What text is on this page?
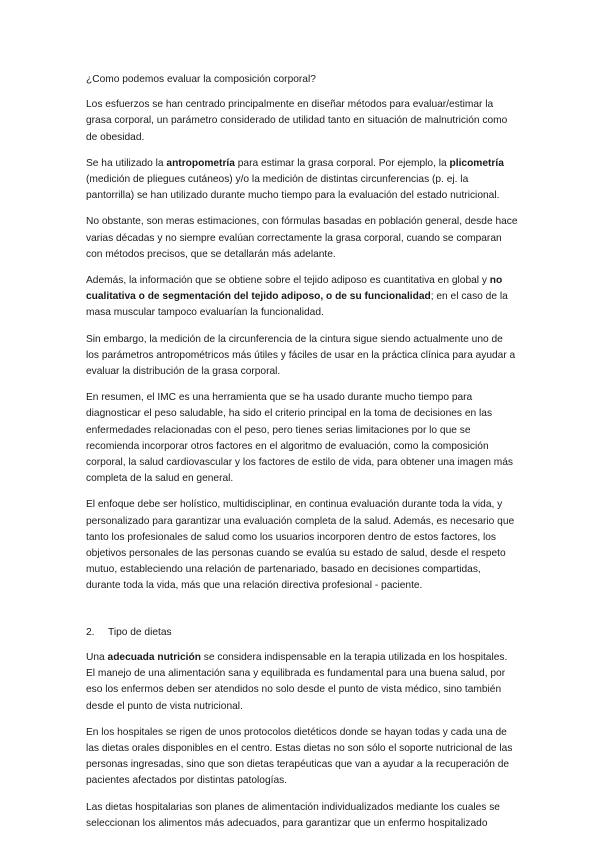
¿Como podemos evaluar la composición corporal?

Los esfuerzos se han centrado principalmente en diseñar métodos para evaluar/estimar la grasa corporal, un parámetro considerado de utilidad tanto en situación de malnutrición como de obesidad.

Se ha utilizado la antropometría para estimar la grasa corporal. Por ejemplo, la plicometría (medición de pliegues cutáneos) y/o la medición de distintas circunferencias (p. ej. la pantorrilla) se han utilizado durante mucho tiempo para la evaluación del estado nutricional.

No obstante, son meras estimaciones, con fórmulas basadas en población general, desde hace varias décadas y no siempre evalúan correctamente la grasa corporal, cuando se comparan con métodos precisos, que se detallarán más adelante.

Además, la información que se obtiene sobre el tejido adiposo es cuantitativa en global y no cualitativa o de segmentación del tejido adiposo, o de su funcionalidad; en el caso de la masa muscular tampoco evaluarían la funcionalidad.

Sin embargo, la medición de la circunferencia de la cintura sigue siendo actualmente uno de los parámetros antropométricos más útiles y fáciles de usar en la práctica clínica para ayudar a evaluar la distribución de la grasa corporal.

En resumen, el IMC es una herramienta que se ha usado durante mucho tiempo para diagnosticar el peso saludable, ha sido el criterio principal en la toma de decisiones en las enfermedades relacionadas con el peso, pero tienes serias limitaciones por lo que se recomienda incorporar otros factores en el algoritmo de evaluación, como la composición corporal, la salud cardiovascular y los factores de estilo de vida, para obtener una imagen más completa de la salud en general.

El enfoque debe ser holístico, multidisciplinar, en continua evaluación durante toda la vida, y personalizado para garantizar una evaluación completa de la salud. Además, es necesario que tanto los profesionales de salud como los usuarios incorporen dentro de estos factores, los objetivos personales de las personas cuando se evalúa su estado de salud, desde el respeto mutuo, estableciendo una relación de partenariado, basado en decisiones compartidas, durante toda la vida, más que una relación directiva profesional - paciente.

2. Tipo de dietas

Una adecuada nutrición se considera indispensable en la terapia utilizada en los hospitales. El manejo de una alimentación sana y equilibrada es fundamental para una buena salud, por eso los enfermos deben ser atendidos no solo desde el punto de vista médico, sino también desde el punto de vista nutricional.

En los hospitales se rigen de unos protocolos dietéticos donde se hayan todas y cada una de las dietas orales disponibles en el centro. Estas dietas no son sólo el soporte nutricional de las personas ingresadas, sino que son dietas terapéuticas que van a ayudar a la recuperación de pacientes afectados por distintas patologías.

Las dietas hospitalarias son planes de alimentación individualizados mediante los cuales se seleccionan los alimentos más adecuados, para garantizar que un enfermo hospitalizado
